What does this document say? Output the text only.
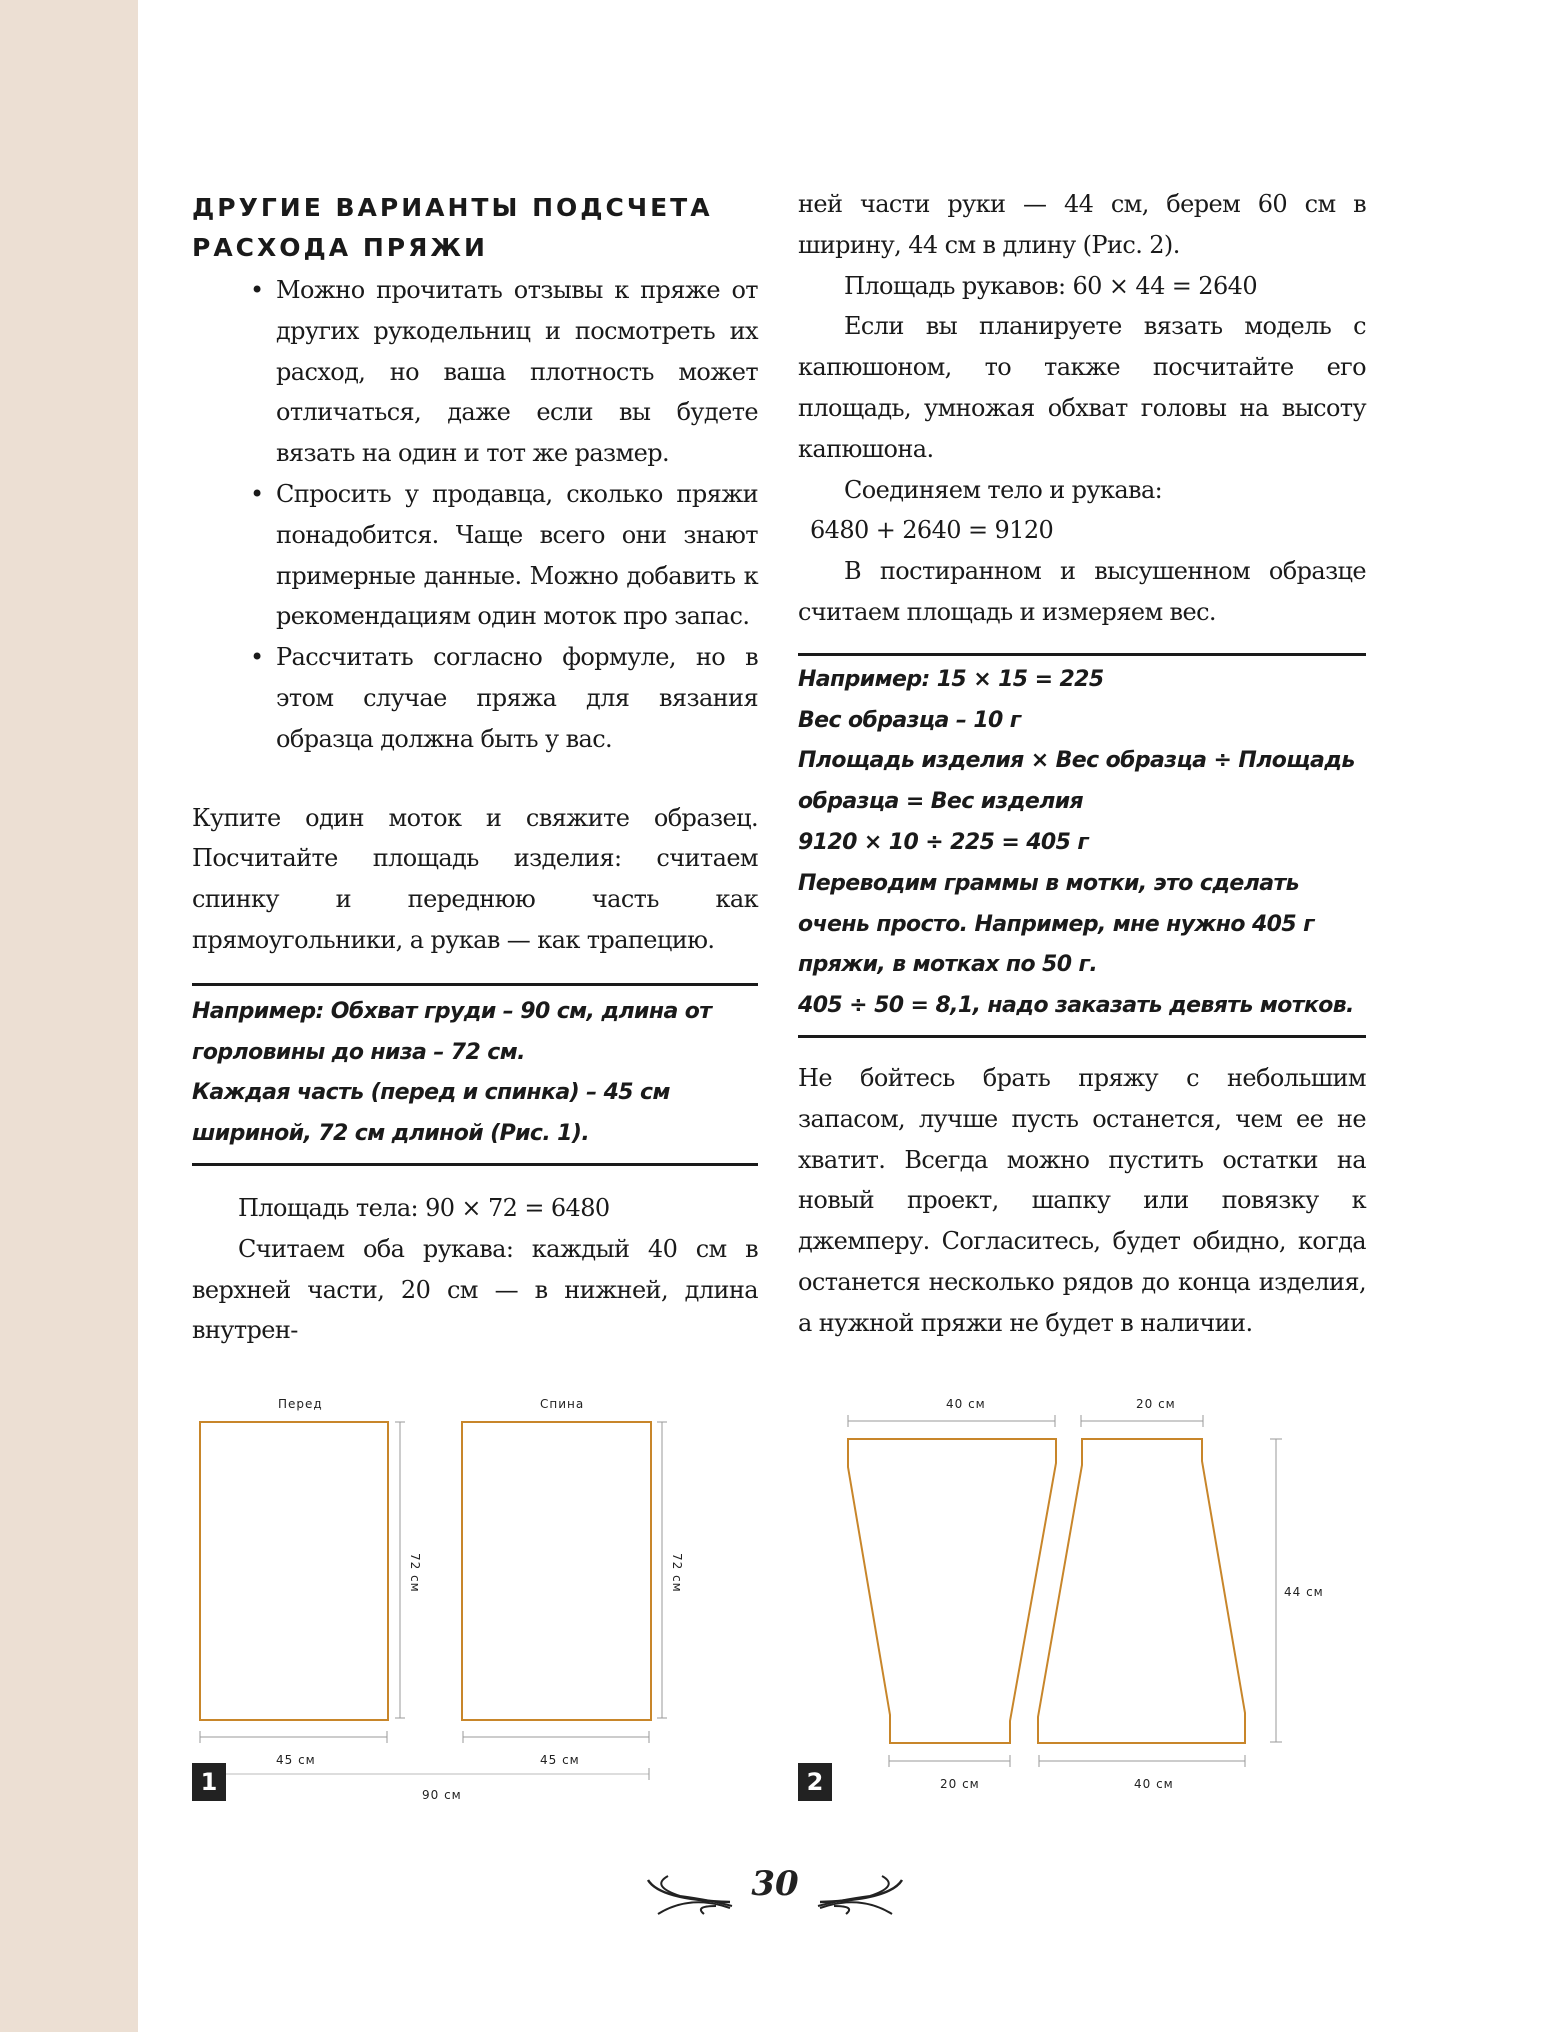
ДРУГИЕ ВАРИАНТЫ ПОДСЧЕТА РАСХОДА ПРЯЖИ
• Можно прочитать отзывы к пряже от других рукодельниц и посмотреть их расход, но ваша плотность может отличаться, даже если вы будете вязать на один и тот же размер.
• Спросить у продавца, сколько пряжи понадобится. Чаще всего они знают примерные данные. Можно добавить к рекомендациям один моток про запас.
• Рассчитать согласно формуле, но в этом случае пряжа для вязания образца должна быть у вас.

Купите один моток и свяжите образец. Посчитайте площадь изделия: считаем спинку и переднюю часть как прямоугольники, а рукав — как трапецию.

Например: Обхват груди – 90 см, длина от горловины до низа – 72 см.

Каждая часть (перед и спинка) – 45 см шириной, 72 см длиной (Рис. 1).

Площадь тела: 90 × 72 = 6480

Считаем оба рукава: каждый 40 см в верхней части, 20 см — в нижней, длина внутрен-

ней части руки — 44 см, берем 60 см в ширину, 44 см в длину (Рис. 2).

Площадь рукавов: 60 × 44 = 2640

Если вы планируете вязать модель с капюшоном, то также посчитайте его площадь, умножая обхват головы на высоту капюшона.

Соединяем тело и рукава:

6480 + 2640 = 9120

В постиранном и высушенном образце считаем площадь и измеряем вес.

Например: 15 × 15 = 225

Вес образца – 10 г

Площадь изделия × Вес образца ÷ Площадь образца = Вес изделия

9120 × 10 ÷ 225 = 405 г

Переводим граммы в мотки, это сделать очень просто. Например, мне нужно 405 г пряжи, в мотках по 50 г.

405 ÷ 50 = 8,1, надо заказать девять мотков.

Не бойтесь брать пряжу с небольшим запасом, лучше пусть останется, чем ее не хватит. Всегда можно пустить остатки на новый проект, шапку или повязку к джемперу. Согласитесь, будет обидно, когда останется несколько рядов до конца изделия, а нужной пряжи не будет в наличии.

Перед	Спина
72 см	72 см
45 см	45 см
90 см
1
40 см	20 см
20 см	40 см
44 см
2
30
